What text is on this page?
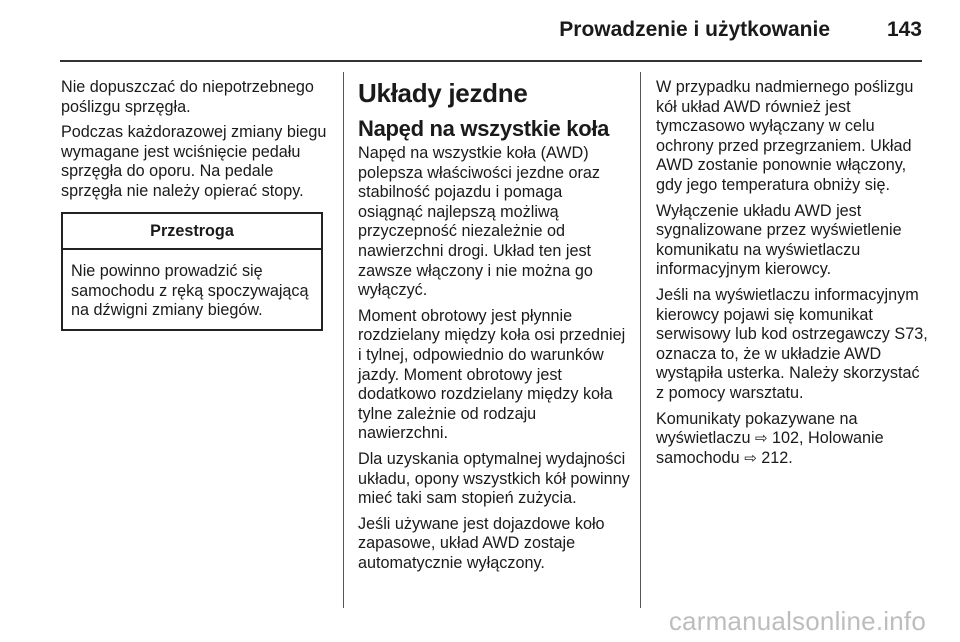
Prowadzenie i użytkowanie	143

Nie dopuszczać do niepotrzebnego poślizgu sprzęgła.

Podczas każdorazowej zmiany biegu wymagane jest wciśnięcie pedału sprzęgła do oporu. Na pedale sprzęgła nie należy opierać stopy.

Przestroga
Nie powinno prowadzić się samochodu z ręką spoczywającą na dźwigni zmiany biegów.
Układy jezdne
Napęd na wszystkie koła

Napęd na wszystkie koła (AWD) polepsza właściwości jezdne oraz stabilność pojazdu i pomaga osiągnąć najlepszą możliwą przyczepność niezależnie od nawierzchni drogi. Układ ten jest zawsze włączony i nie można go wyłączyć.

Moment obrotowy jest płynnie rozdzielany między koła osi przedniej i tylnej, odpowiednio do warunków jazdy. Moment obrotowy jest dodatkowo rozdzielany między koła tylne zależnie od rodzaju nawierzchni.

Dla uzyskania optymalnej wydajności układu, opony wszystkich kół powinny mieć taki sam stopień zużycia.

Jeśli używane jest dojazdowe koło zapasowe, układ AWD zostaje automatycznie wyłączony.

W przypadku nadmiernego poślizgu kół układ AWD również jest tymczasowo wyłączany w celu ochrony przed przegrzaniem. Układ AWD zostanie ponownie włączony, gdy jego temperatura obniży się.

Wyłączenie układu AWD jest sygnalizowane przez wyświetlenie komunikatu na wyświetlaczu informacyjnym kierowcy.

Jeśli na wyświetlaczu informacyjnym kierowcy pojawi się komunikat serwisowy lub kod ostrzegawczy S73, oznacza to, że w układzie AWD wystąpiła usterka. Należy skorzystać z pomocy warsztatu.

Komunikaty pokazywane na wyświetlaczu ⇨ 102, Holowanie samochodu ⇨ 212.

carmanualsonline.info
